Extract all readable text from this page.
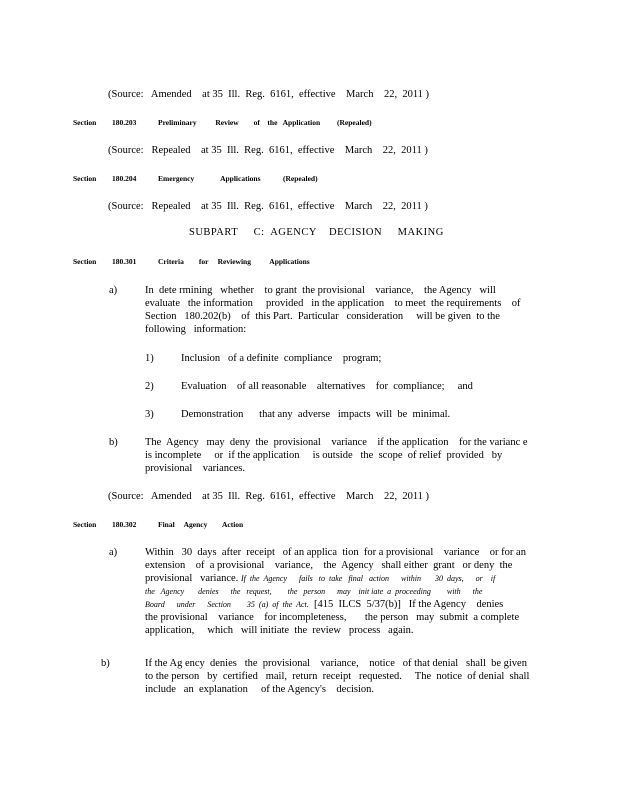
(Source:   Amended    at 35  Ill.  Reg.  6161,  effective    March    22,  2011 )
Section 180.203	Preliminary          Review        of    the   Application         (Repealed)
(Source:   Repealed    at 35  Ill.  Reg.  6161,  effective    March    22,  2011 )
Section 180.204	Emergency              Applications            (Repealed)
(Source:   Repealed    at 35  Ill.  Reg.  6161,  effective    March    22,  2011 )
SUBPART     C:  AGENCY    DECISION     MAKING
Section 180.301	Criteria        for     Reviewing          Applications
a)	In  dete rmining   whether    to grant  the provisional    variance,    the Agency   will
evaluate   the information     provided   in the application    to meet  the requirements    of
Section   180.202(b)    of  this Part.  Particular   consideration     will be given  to the
following   information:
1)	Inclusion   of a definite  compliance    program;
2)	Evaluation    of all reasonable    alternatives    for  compliance;     and
3)	Demonstration      that any  adverse   impacts  will  be  minimal.
b)	The  Agency   may  deny  the  provisional    variance    if the application    for the varianc e
is incomplete     or  if the application     is outside   the  scope  of relief  provided   by
provisional    variances.
(Source:   Amended    at 35  Ill.  Reg.  6161,  effective    March    22,  2011 )
Section 180.302	Final     Agency        Action
a)	Within   30  days  after  receipt   of an applica  tion  for a provisional    variance    or for an
extension    of  a provisional    variance,    the  Agency   shall either  grant   or deny  the
provisional   variance. If  the  Agency      fails   to  take   final   action      within       30  days,      or    if
the   Agency       denies      the   request,        the   person      may    init iate  a  proceeding        with      the
Board      under      Section        35  (a)  of  the  Act. [415  ILCS  5/37(b)]   If the Agency    denies
the provisional    variance    for incompleteness,       the person   may  submit  a complete
application,     which   will initiate  the  review   process   again.
b)	If the Ag ency  denies   the  provisional    variance,    notice   of that denial   shall  be given
to the person   by  certified   mail,  return  receipt   requested.     The  notice  of denial  shall
include   an  explanation     of the Agency's    decision.
